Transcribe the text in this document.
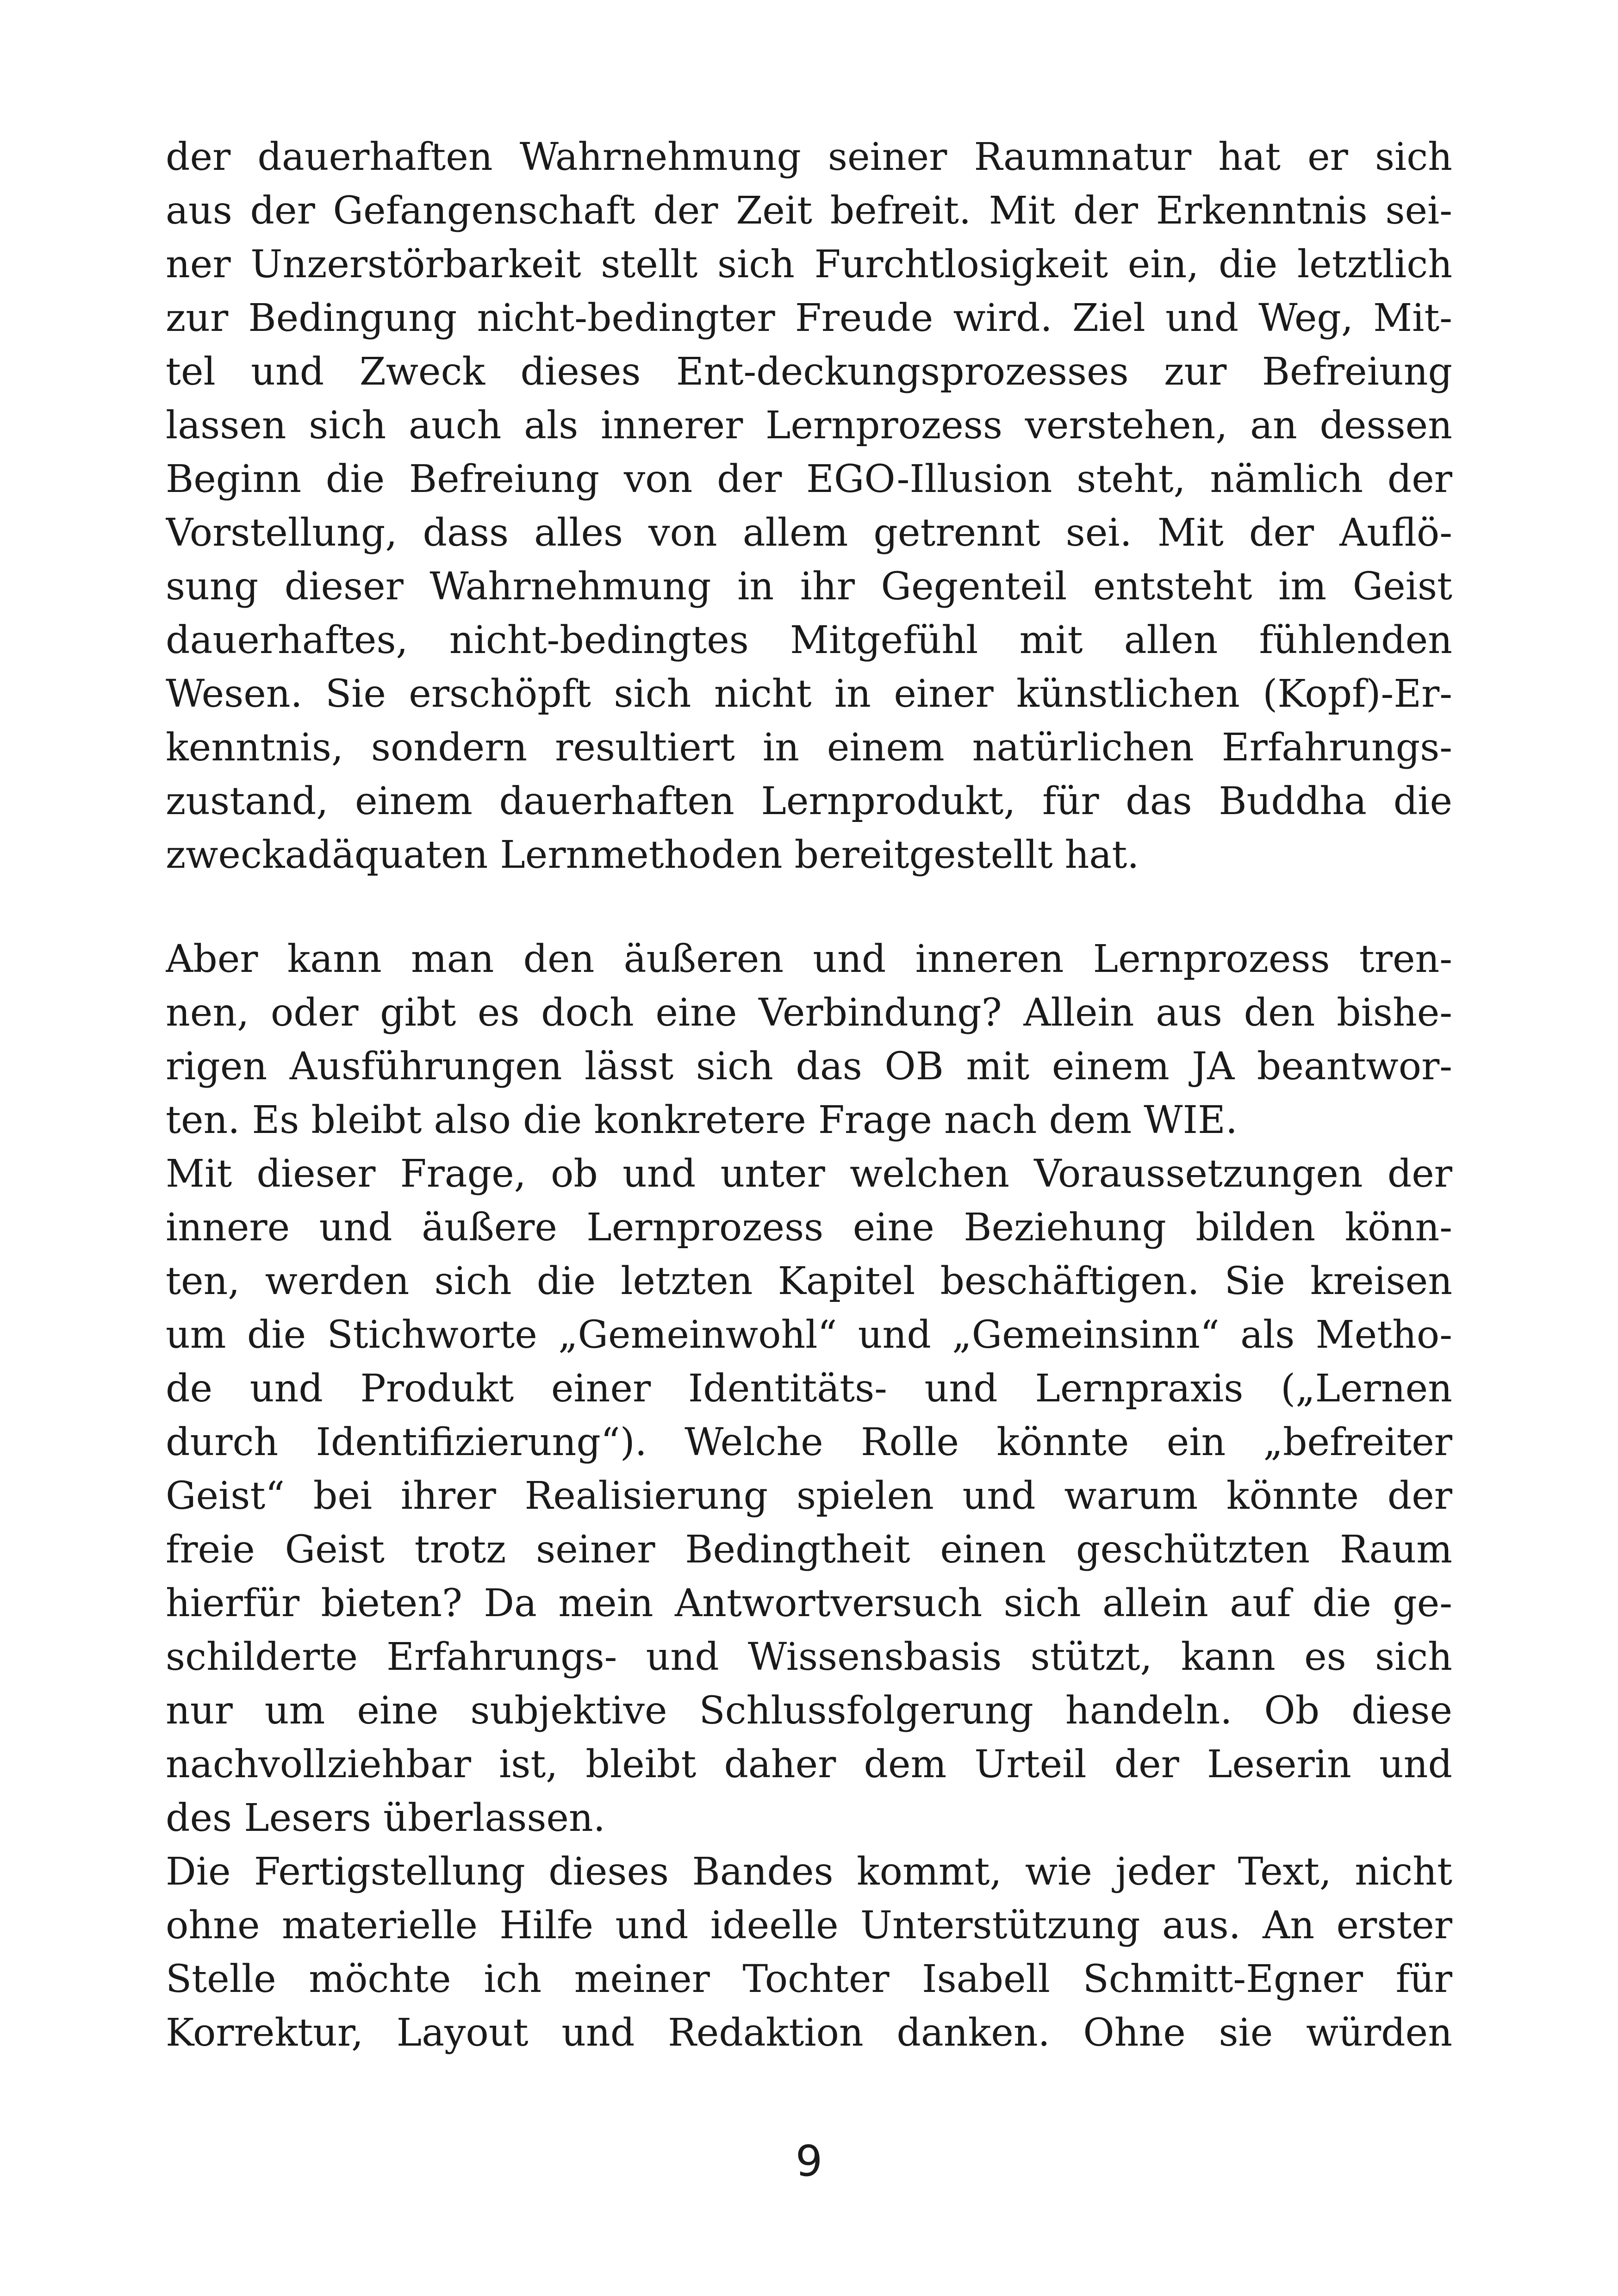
der dauerhaften Wahrnehmung seiner Raumnatur hat er sich
aus der Gefangenschaft der Zeit befreit. Mit der Erkenntnis sei-
ner Unzerstörbarkeit stellt sich Furchtlosigkeit ein, die letztlich
zur Bedingung nicht-bedingter Freude wird. Ziel und Weg, Mit-
tel und Zweck dieses Ent-deckungsprozesses zur Befreiung
lassen sich auch als innerer Lernprozess verstehen, an dessen
Beginn die Befreiung von der EGO-Illusion steht, nämlich der
Vorstellung, dass alles von allem getrennt sei. Mit der Auflö-
sung dieser Wahrnehmung in ihr Gegenteil entsteht im Geist
dauerhaftes, nicht-bedingtes Mitgefühl mit allen fühlenden
Wesen. Sie erschöpft sich nicht in einer künstlichen (Kopf)-Er-
kenntnis, sondern resultiert in einem natürlichen Erfahrungs-
zustand, einem dauerhaften Lernprodukt, für das Buddha die
zweckadäquaten Lernmethoden bereitgestellt hat.
Aber kann man den äußeren und inneren Lernprozess tren-
nen, oder gibt es doch eine Verbindung? Allein aus den bishe-
rigen Ausführungen lässt sich das OB mit einem JA beantwor-
ten. Es bleibt also die konkretere Frage nach dem WIE.
Mit dieser Frage, ob und unter welchen Voraussetzungen der
innere und äußere Lernprozess eine Beziehung bilden könn-
ten, werden sich die letzten Kapitel beschäftigen. Sie kreisen
um die Stichworte „Gemeinwohl“ und „Gemeinsinn“ als Metho-
de und Produkt einer Identitäts- und Lernpraxis („Lernen
durch Identifizierung“). Welche Rolle könnte ein „befreiter
Geist“ bei ihrer Realisierung spielen und warum könnte der
freie Geist trotz seiner Bedingtheit einen geschützten Raum
hierfür bieten? Da mein Antwortversuch sich allein auf die ge-
schilderte Erfahrungs- und Wissensbasis stützt, kann es sich
nur um eine subjektive Schlussfolgerung handeln. Ob diese
nachvollziehbar ist, bleibt daher dem Urteil der Leserin und
des Lesers überlassen.
Die Fertigstellung dieses Bandes kommt, wie jeder Text, nicht
ohne materielle Hilfe und ideelle Unterstützung aus. An erster
Stelle möchte ich meiner Tochter Isabell Schmitt-Egner für
Korrektur, Layout und Redaktion danken. Ohne sie würden
9
